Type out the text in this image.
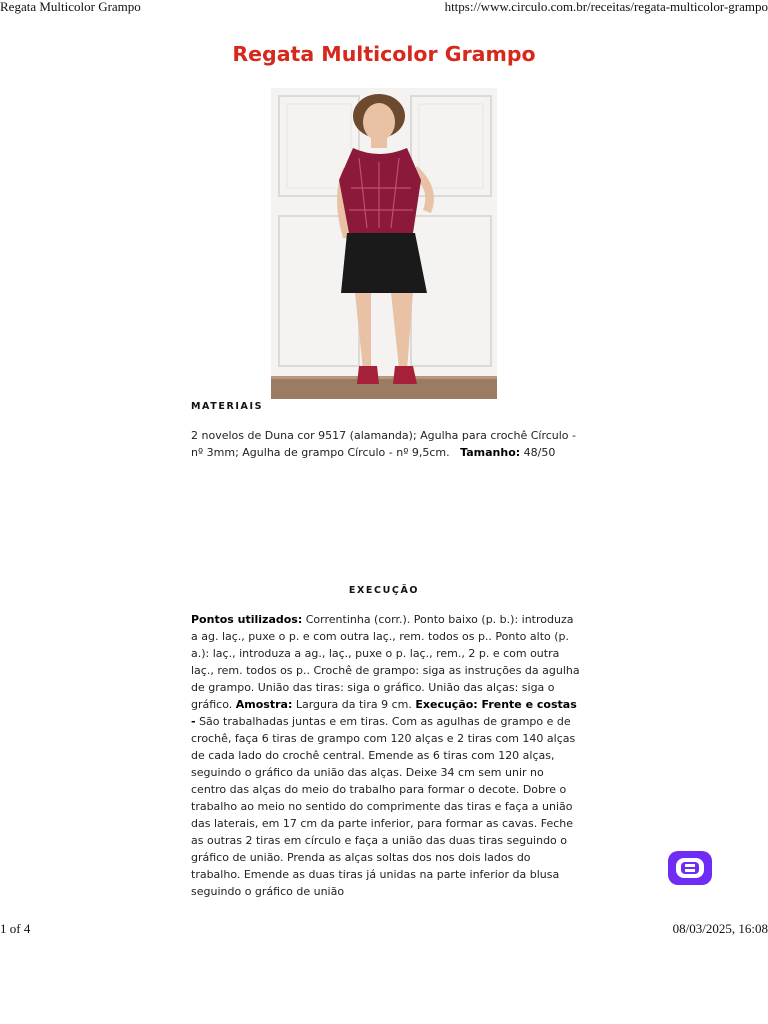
Regata Multicolor Grampo	https://www.circulo.com.br/receitas/regata-multicolor-grampo
Regata Multicolor Grampo
MATERIAIS

2 novelos de Duna cor 9517 (alamanda); Agulha para crochê Círculo - nº 3mm; Agulha de grampo Círculo - nº 9,5cm. Tamanho: 48/50

EXECUÇÃO

Pontos utilizados: Correntinha (corr.). Ponto baixo (p. b.): introduza a ag. laç., puxe o p. e com outra laç., rem. todos os p.. Ponto alto (p. a.): laç., introduza a ag., laç., puxe o p. laç., rem., 2 p. e com outra laç., rem. todos os p.. Crochê de grampo: siga as instruções da agulha de grampo. União das tiras: siga o gráfico. União das alças: siga o gráfico. Amostra: Largura da tira 9 cm. Execução: Frente e costas - São trabalhadas juntas e em tiras. Com as agulhas de grampo e de crochê, faça 6 tiras de grampo com 120 alças e 2 tiras com 140 alças de cada lado do crochê central. Emende as 6 tiras com 120 alças, seguindo o gráfico da união das alças. Deixe 34 cm sem unir no centro das alças do meio do trabalho para formar o decote. Dobre o trabalho ao meio no sentido do comprimente das tiras e faça a união das laterais, em 17 cm da parte inferior, para formar as cavas. Feche as outras 2 tiras em círculo e faça a união das duas tiras seguindo o gráfico de união. Prenda as alças soltas dos nos dois lados do trabalho. Emende as duas tiras já unidas na parte inferior da blusa seguindo o gráfico de união

1 of 4	08/03/2025, 16:08
